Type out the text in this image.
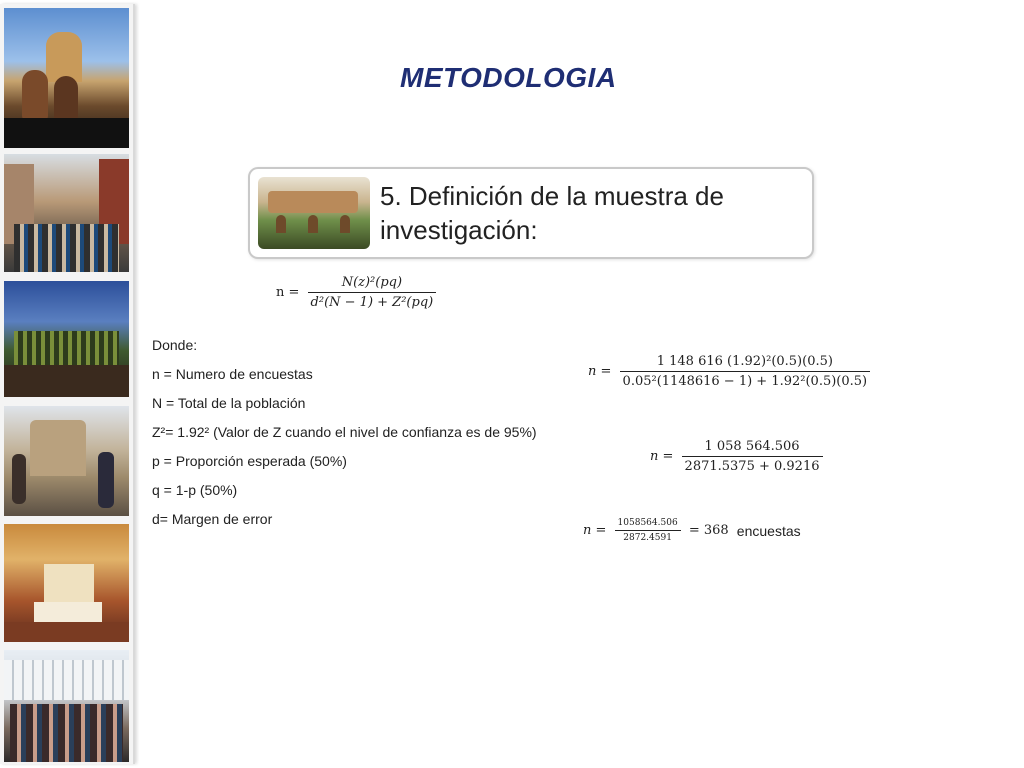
METODOLOGIA
5. Definición de la muestra de investigación:
$n = \frac{\text{N(z)²(pq)}}{\text{d²(N − 1) + Z²(pq)}}$
Donde:
n = Numero de encuestas
N = Total de la población
Z²= 1.92² (Valor de Z cuando el nivel de confianza es de 95%)
p = Proporción esperada (50%)
q = 1-p (50%)
d= Margen de error
$n = \frac{\text{1 148 616 (1.92)²(0.5)(0.5)}}{\text{0.05²(1148616 − 1) + 1.92²(0.5)(0.5)}}$
$n = \frac{1 058 564.506}{2871.5375 + 0.9216}$
$n = \frac{1058564.506}{2872.4591} = 368$ encuestas
